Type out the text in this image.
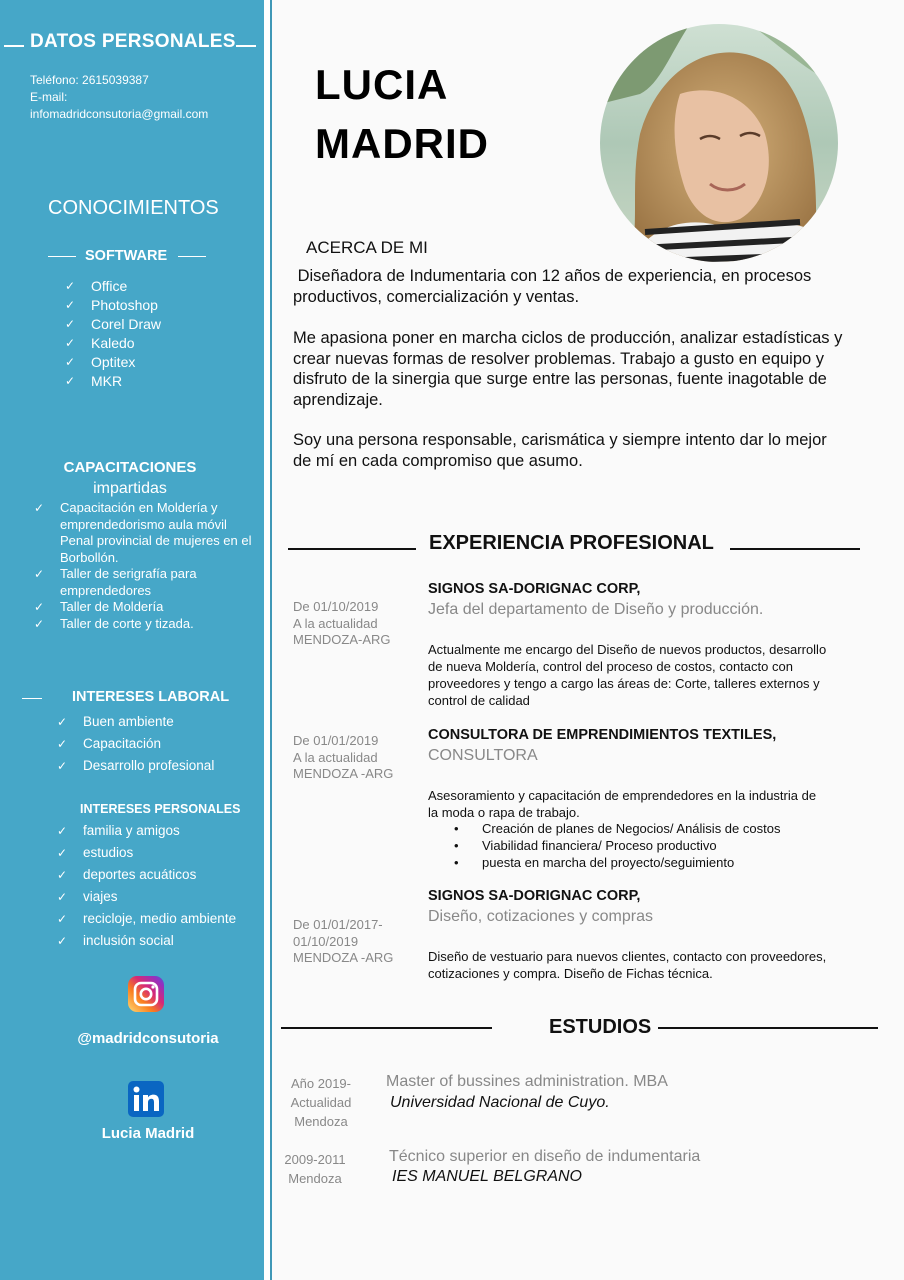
DATOS PERSONALES
Teléfono: 2615039387
E-mail:
infomadridconsutoria@gmail.com
CONOCIMIENTOS
SOFTWARE
✓ Office
✓ Photoshop
✓ Corel Draw
✓ Kaledo
✓ Optitex
✓ MKR
CAPACITACIONES
impartidas
✓ Capacitación en Moldería y emprendedorismo aula móvil Penal provincial de mujeres en el Borbollón.
✓ Taller de serigrafía para emprendedores
✓ Taller de Moldería
✓ Taller de corte y tizada.
INTERESES LABORAL
✓ Buen ambiente
✓ Capacitación
✓ Desarrollo profesional
INTERESES PERSONALES
✓ familia y amigos
✓ estudios
✓ deportes acuáticos
✓ viajes
✓ recicloje, medio ambiente
✓ inclusión social
@madridconsutoria
Lucia Madrid
LUCIA
MADRID
ACERCA DE MI
Diseñadora de Indumentaria con 12 años de experiencia, en procesos productivos, comercialización y ventas.
Me apasiona poner en marcha ciclos de producción, analizar estadísticas y crear nuevas formas de resolver problemas. Trabajo a gusto en equipo y disfruto de la sinergia que surge entre las personas, fuente inagotable de aprendizaje.
Soy una persona responsable, carismática y siempre intento dar lo mejor de mí en cada compromiso que asumo.
EXPERIENCIA PROFESIONAL
De 01/10/2019
A la actualidad
MENDOZA-ARG
SIGNOS SA-DORIGNAC CORP,
Jefa del departamento de Diseño y producción.
Actualmente me encargo del Diseño de nuevos productos, desarrollo de nueva Moldería, control del proceso de costos, contacto con proveedores y tengo a cargo las áreas de: Corte, talleres externos y control de calidad
De 01/01/2019
A la actualidad
MENDOZA -ARG
CONSULTORA DE EMPRENDIMIENTOS TEXTILES,
CONSULTORA
Asesoramiento y capacitación de emprendedores en la industria de la moda o rapa de trabajo.
• Creación de planes de Negocios/ Análisis de costos
• Viabilidad financiera/ Proceso productivo
• puesta en marcha del proyecto/seguimiento
De 01/01/2017-
01/10/2019
MENDOZA -ARG
SIGNOS SA-DORIGNAC CORP,
Diseño, cotizaciones y compras
Diseño de vestuario para nuevos clientes, contacto con proveedores, cotizaciones y compra. Diseño de Fichas técnica.
ESTUDIOS
Año 2019-
Actualidad
Mendoza
Master of bussines administration. MBA
Universidad Nacional de Cuyo.
2009-2011
Mendoza
Técnico superior en diseño de indumentaria
IES MANUEL BELGRANO
